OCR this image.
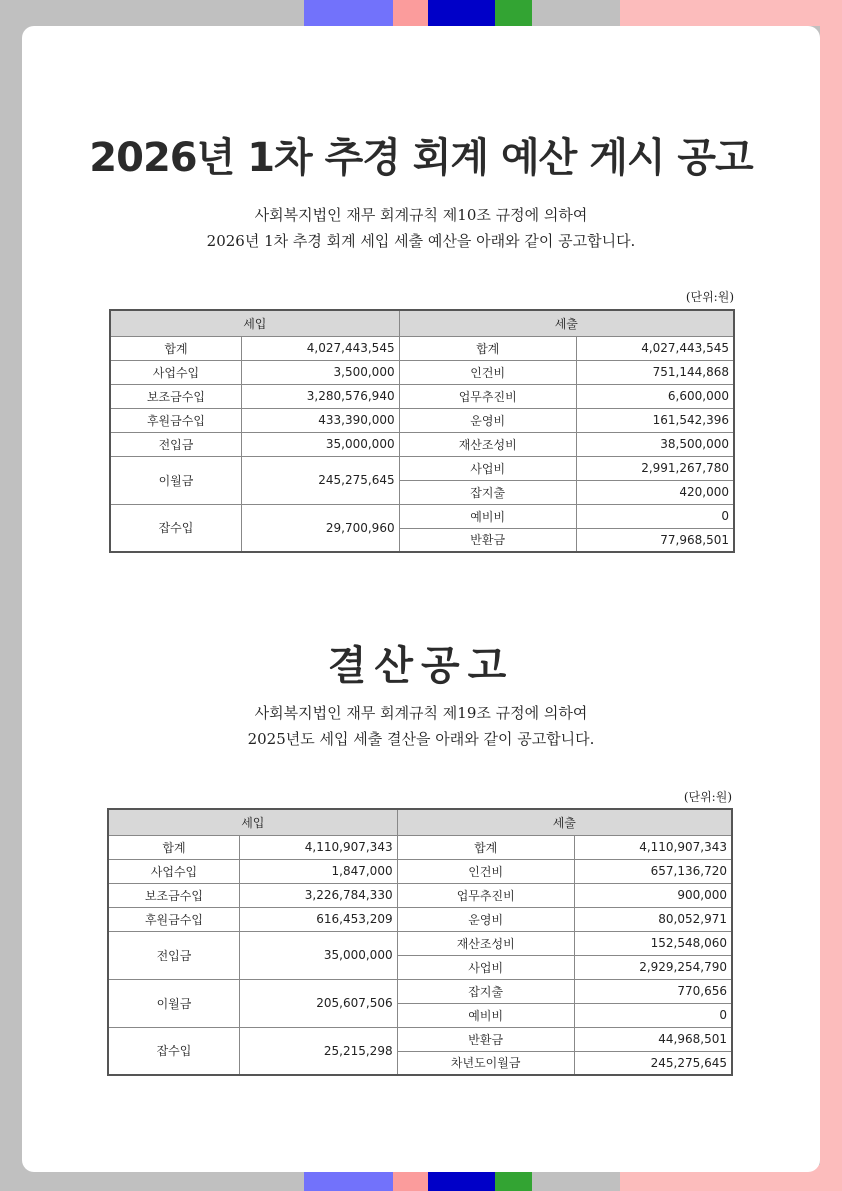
2026년 1차 추경 회계 예산 게시 공고
사회복지법인 재무 회계규칙 제10조 규정에 의하여
2026년 1차 추경 회계 세입 세출 예산을 아래와 같이 공고합니다.
(단위:원)
세입		세출	
합계	4,027,443,545	합계	4,027,443,545
사업수입	3,500,000	인건비	751,144,868
보조금수입	3,280,576,940	업무추진비	6,600,000
후원금수입	433,390,000	운영비	161,542,396
전입금	35,000,000	재산조성비	38,500,000
이월금	245,275,645	사업비	2,991,267,780
		잡지출	420,000
잡수입	29,700,960	예비비	0
		반환금	77,968,501
결산공고
사회복지법인 재무 회계규칙 제19조 규정에 의하여
2025년도 세입 세출 결산을 아래와 같이 공고합니다.
(단위:원)
세입		세출	
합계	4,110,907,343	합계	4,110,907,343
사업수입	1,847,000	인건비	657,136,720
보조금수입	3,226,784,330	업무추진비	900,000
후원금수입	616,453,209	운영비	80,052,971
전입금	35,000,000	재산조성비	152,548,060
		사업비	2,929,254,790
이월금	205,607,506	잡지출	770,656
		예비비	0
잡수입	25,215,298	반환금	44,968,501
		차년도이월금	245,275,645
